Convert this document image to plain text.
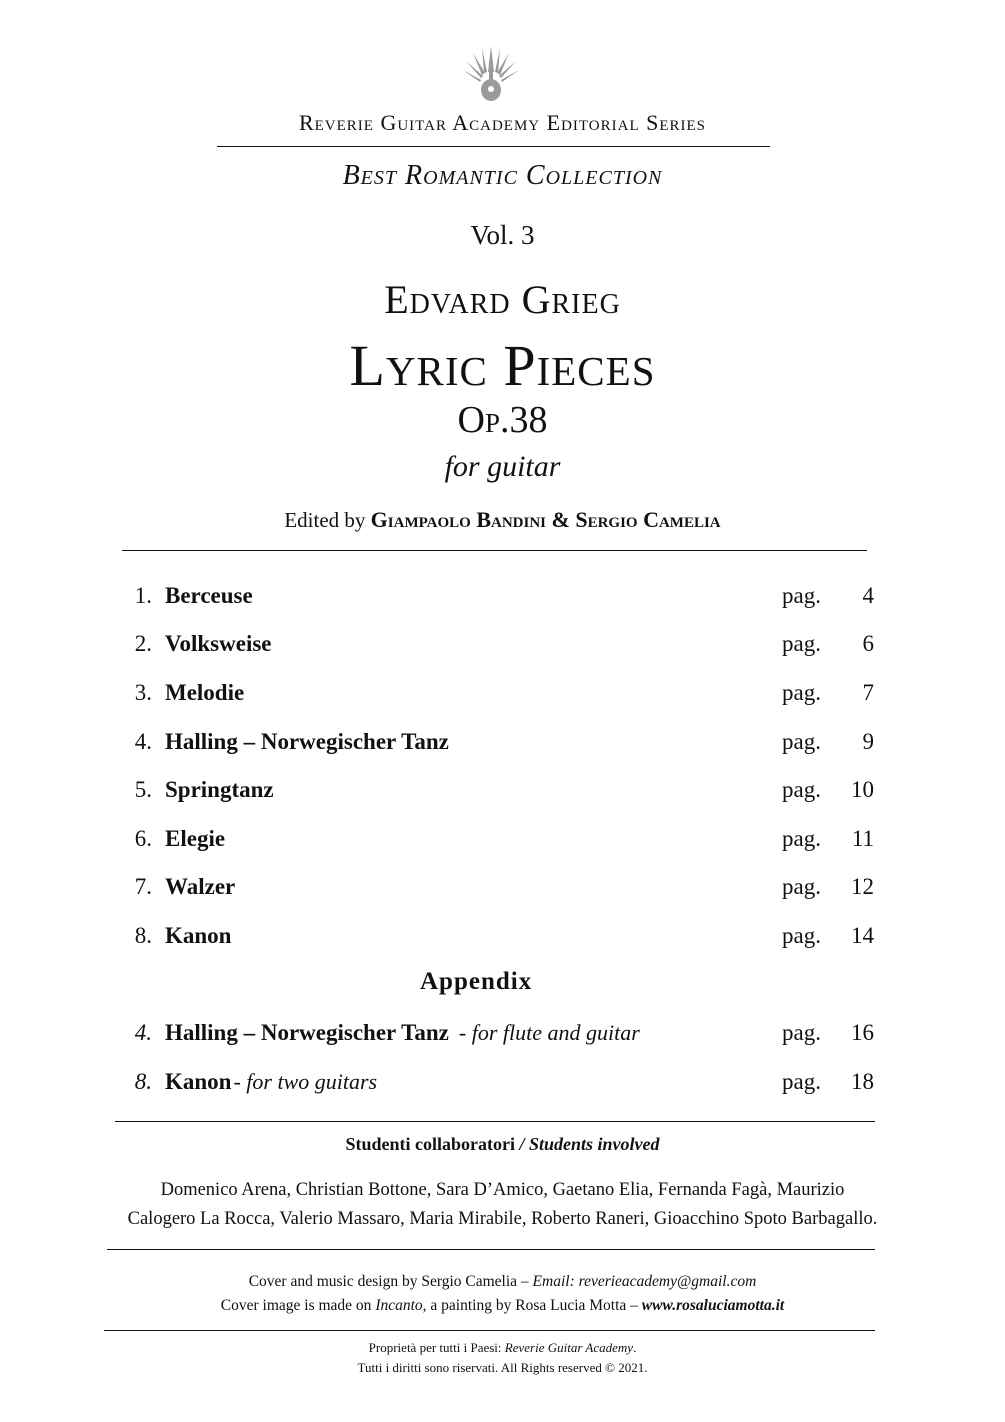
Reverie Guitar Academy Editorial Series
Best Romantic Collection
Vol. 3
Edvard Grieg
Lyric Pieces
Op.38
for guitar
Edited by Giampaolo Bandini & Sergio Camelia
1. Berceuse	pag.	4
2. Volksweise	pag.	6
3. Melodie	pag.	7
4. Halling – Norwegischer Tanz	pag.	9
5. Springtanz	pag.	10
6. Elegie	pag.	11
7. Walzer	pag.	12
8. Kanon	pag.	14
Appendix
4. Halling – Norwegischer Tanz - for flute and guitar	pag.	16
8. Kanon- for two guitars	pag.	18
Studenti collaboratori / Students involved
Domenico Arena, Christian Bottone, Sara D’Amico, Gaetano Elia, Fernanda Fagà, Maurizio
Calogero La Rocca, Valerio Massaro, Maria Mirabile, Roberto Raneri, Gioacchino Spoto Barbagallo.
Cover and music design by Sergio Camelia – Email: reverieacademy@gmail.com
Cover image is made on Incanto, a painting by Rosa Lucia Motta – www.rosaluciamotta.it
Proprietà per tutti i Paesi: Reverie Guitar Academy.
Tutti i diritti sono riservati. All Rights reserved © 2021.
